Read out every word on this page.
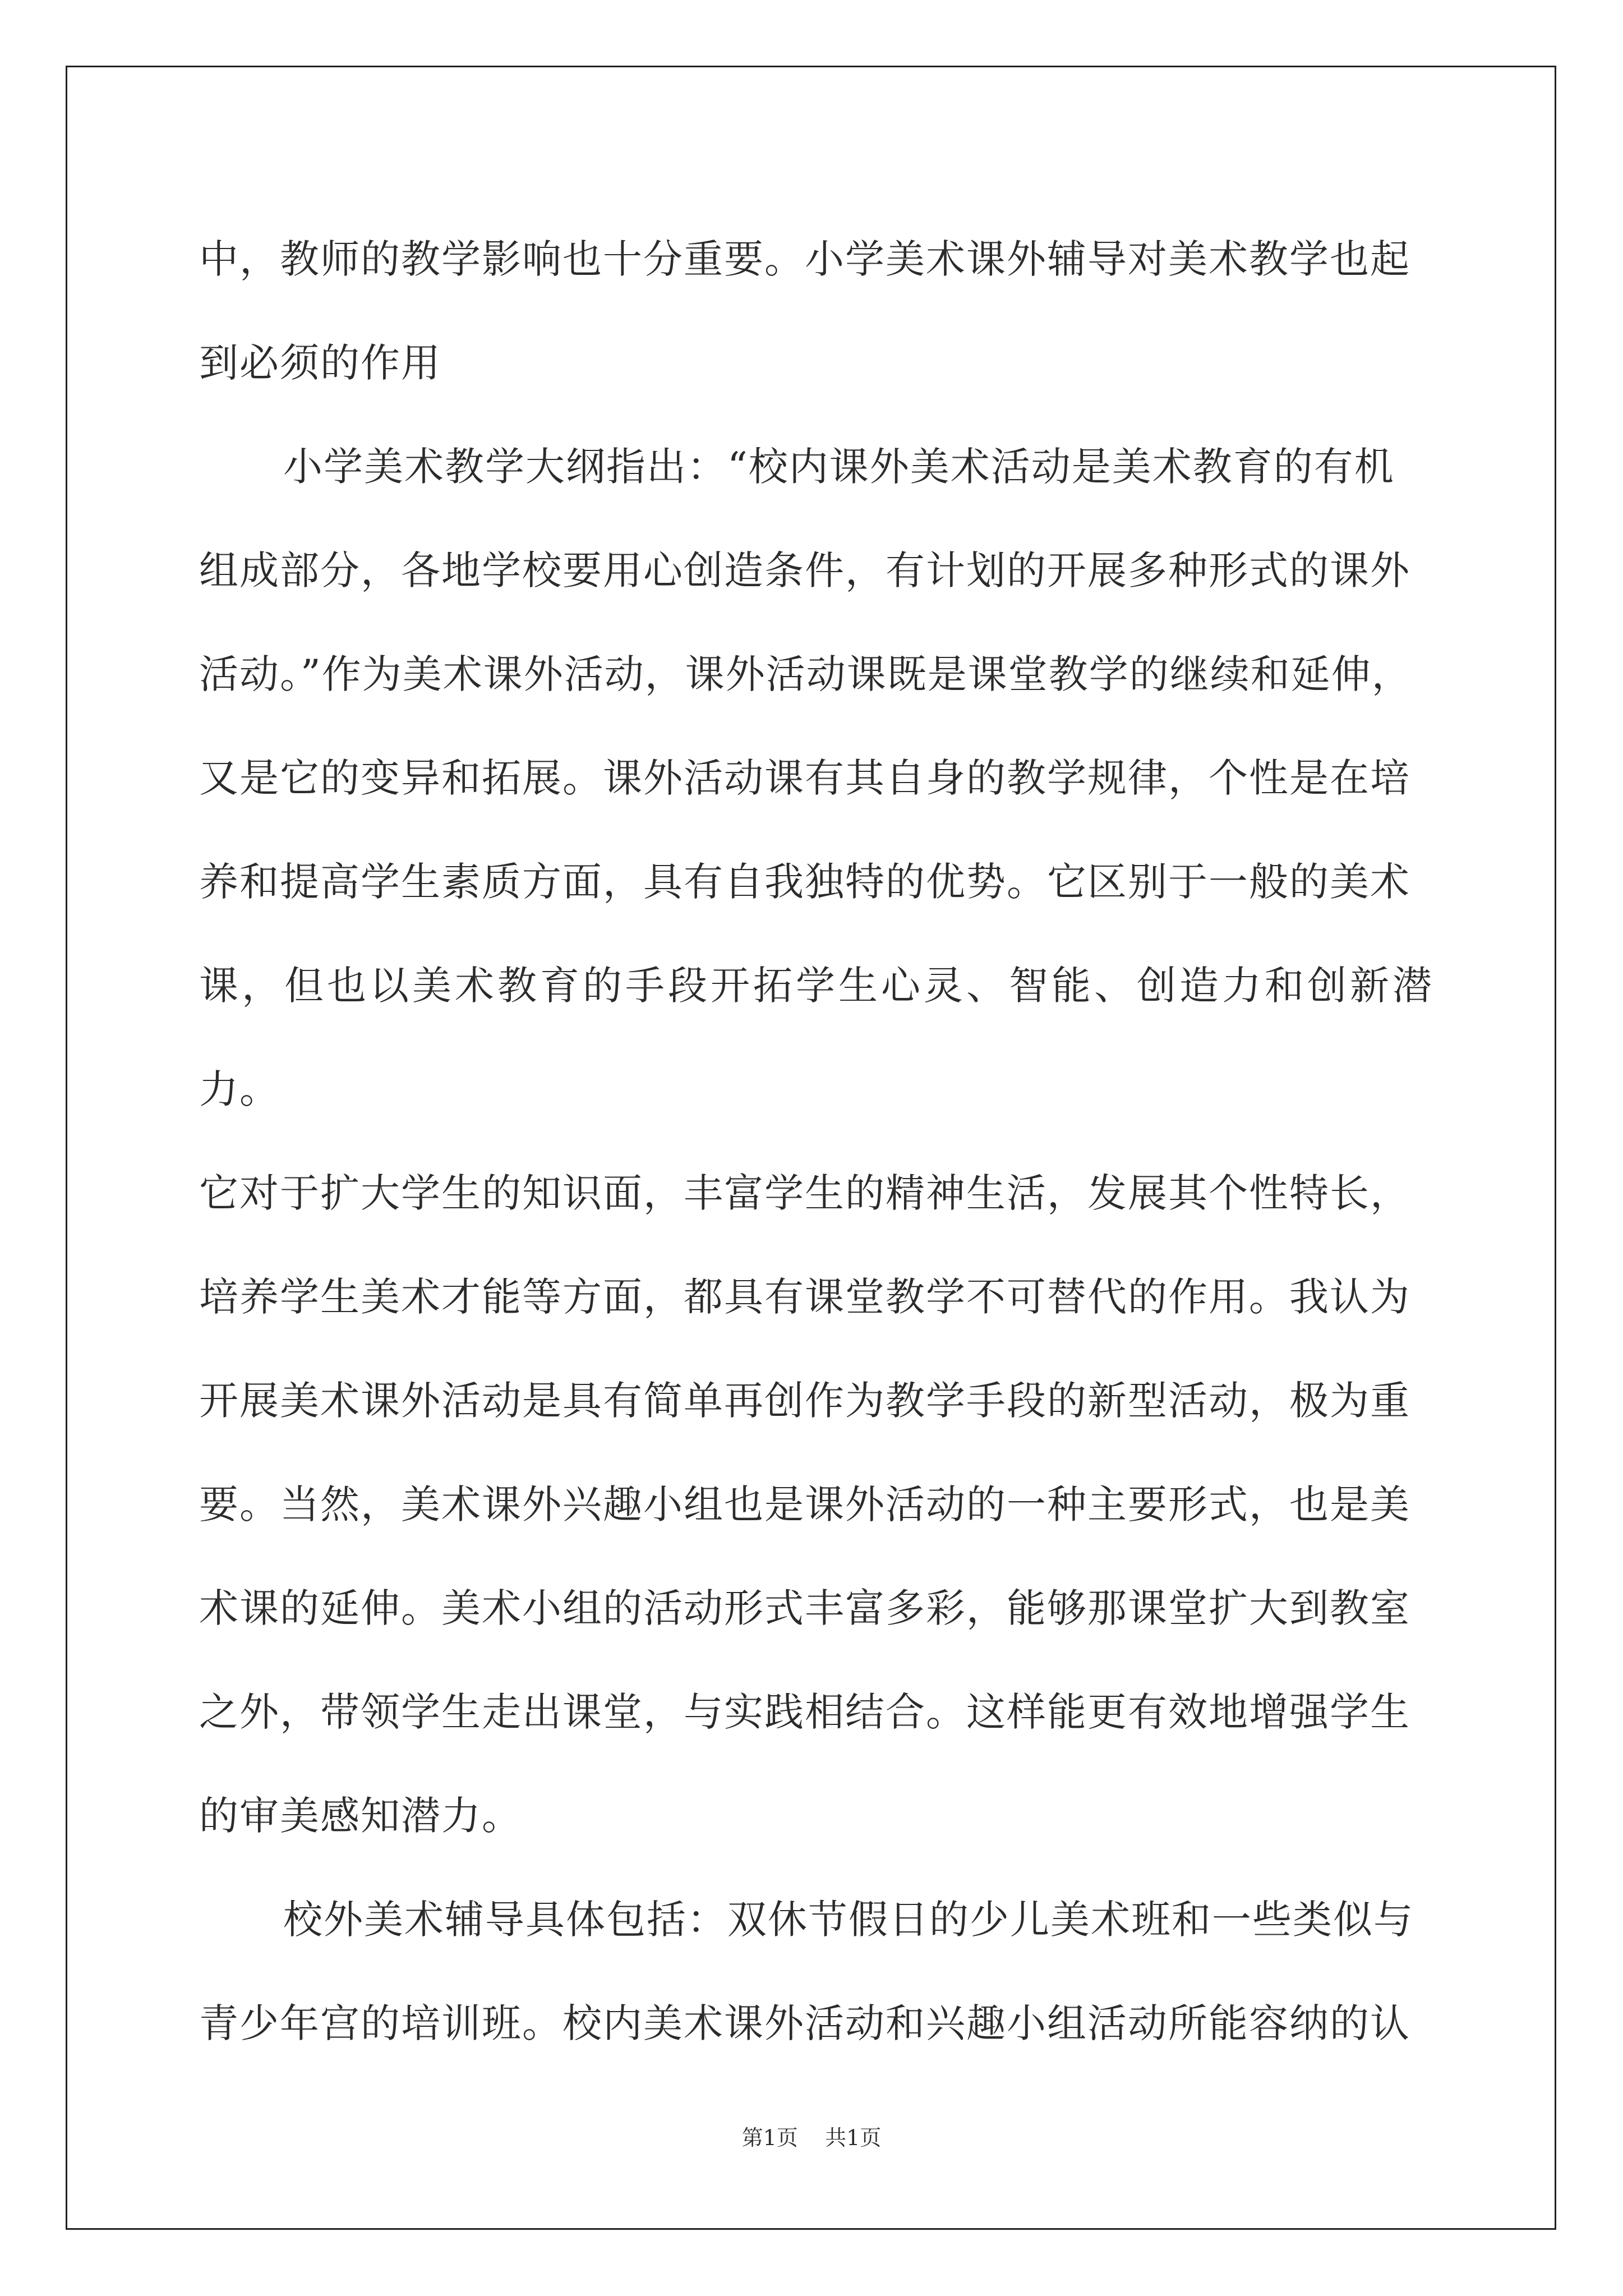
中，教师的教学影响也十分重要。小学美术课外辅导对美术教学也起
到必须的作用

小学美术教学大纲指出：“校内课外美术活动是美术教育的有机
组成部分，各地学校要用心创造条件，有计划的开展多种形式的课外
活动。”作为美术课外活动，课外活动课既是课堂教学的继续和延伸，
又是它的变异和拓展。课外活动课有其自身的教学规律，个性是在培
养和提高学生素质方面，具有自我独特的优势。它区别于一般的美术
课，但也以美术教育的手段开拓学生心灵、智能、创造力和创新潜力。
它对于扩大学生的知识面，丰富学生的精神生活，发展其个性特长，
培养学生美术才能等方面，都具有课堂教学不可替代的作用。我认为
开展美术课外活动是具有简单再创作为教学手段的新型活动，极为重
要。当然，美术课外兴趣小组也是课外活动的一种主要形式，也是美
术课的延伸。美术小组的活动形式丰富多彩，能够那课堂扩大到教室
之外，带领学生走出课堂，与实践相结合。这样能更有效地增强学生
的审美感知潜力。

校外美术辅导具体包括：双休节假日的少儿美术班和一些类似与
青少年宫的培训班。校内美术课外活动和兴趣小组活动所能容纳的认

第1页 共1页
